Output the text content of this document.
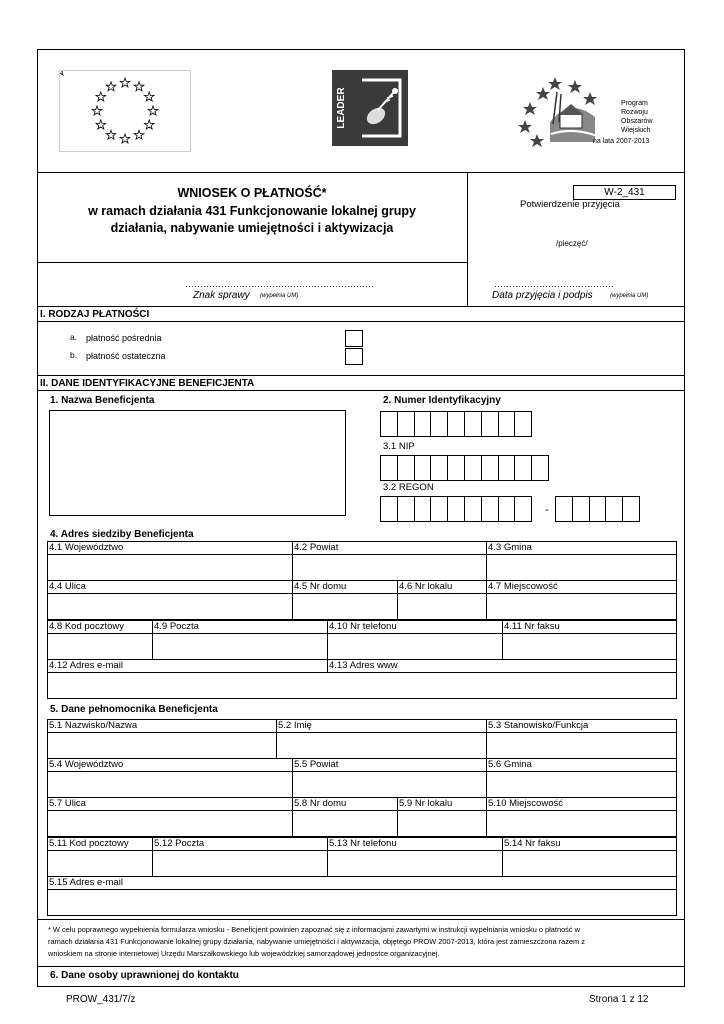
LEADER	Program
Rozwoju
Obszarów
Wiejskich
na lata 2007-2013
WNIOSEK O PŁATNOŚĆ*
w ramach działania 431 Funkcjonowanie lokalnej grupy
działania, nabywanie umiejętności i aktywizacja
W-2_431
Potwierdzenie przyjęcia
/pieczęć/
………………………………………………………
Znak sprawy (wypełnia UM)
………………………………….
Data przyjęcia i podpis	(wypełnia UM)
I. RODZAJ PŁATNOŚCI
a. płatność pośrednia
b. płatność ostateczna
II. DANE IDENTYFIKACYJNE BENEFICJENTA
1. Nazwa Beneficjenta	2. Numer Identyfikacyjny
3.1 NIP
3.2 REGON
-
4. Adres siedziby Beneficjenta
4.1 Województwo	4.2 Powiat	4.3 Gmina

4.4 Ulica	4.5 Nr domu	4.6 Nr lokalu	4.7 Miejscowość

4.8 Kod pocztowy	4.9 Poczta	4.10 Nr telefonu	4.11 Nr faksu

4.12 Adres e-mail	4.13 Adres www

5. Dane pełnomocnika Beneficjenta
5.1 Nazwisko/Nazwa	5.2 Imię	5.3 Stanowisko/Funkcja

5.4 Województwo	5.5 Powiat	5.6 Gmina

5.7 Ulica	5.8 Nr domu	5.9 Nr lokalu	5.10 Miejscowość

5.11 Kod pocztowy	5.12 Poczta	5.13 Nr telefonu	5.14 Nr faksu

5.15 Adres e-mail

* W celu poprawnego wypełnienia formularza wniosku - Beneficjent powinien zapoznać się z informacjami zawartymi w instrukcji wypełniania wniosku o płatność w
ramach działania 431 Funkcjonowanie lokalnej grupy działania, nabywanie umiejętności i aktywizacja, objętego PROW 2007-2013, która jest zamieszczona razem z
wnioskiem na stronie internetowej Urzędu Marszałkowskiego lub wojewódzkiej samorządowej jednostce organizacyjnej.
6. Dane osoby uprawnionej do kontaktu
PROW_431/7/z	Strona 1 z 12
